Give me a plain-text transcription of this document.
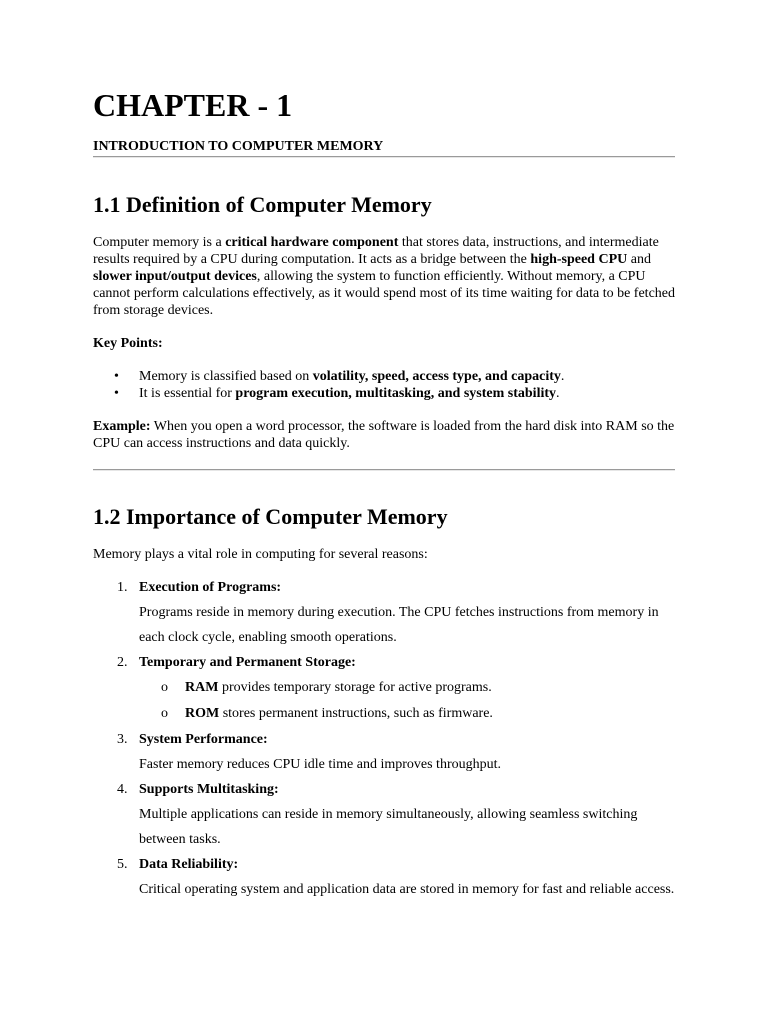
CHAPTER - 1
INTRODUCTION TO COMPUTER MEMORY
1.1 Definition of Computer Memory

Computer memory is a critical hardware component that stores data, instructions, and intermediate results required by a CPU during computation. It acts as a bridge between the high-speed CPU and slower input/output devices, allowing the system to function efficiently. Without memory, a CPU cannot perform calculations effectively, as it would spend most of its time waiting for data to be fetched from storage devices.

Key Points:

• Memory is classified based on volatility, speed, access type, and capacity.
• It is essential for program execution, multitasking, and system stability.

Example: When you open a word processor, the software is loaded from the hard disk into RAM so the CPU can access instructions and data quickly.

1.2 Importance of Computer Memory

Memory plays a vital role in computing for several reasons:

1. Execution of Programs:
Programs reside in memory during execution. The CPU fetches instructions from memory in each clock cycle, enabling smooth operations.
2. Temporary and Permanent Storage:
o RAM provides temporary storage for active programs.
o ROM stores permanent instructions, such as firmware.
3. System Performance:
Faster memory reduces CPU idle time and improves throughput.
4. Supports Multitasking:
Multiple applications can reside in memory simultaneously, allowing seamless switching between tasks.
5. Data Reliability:
Critical operating system and application data are stored in memory for fast and reliable access.
